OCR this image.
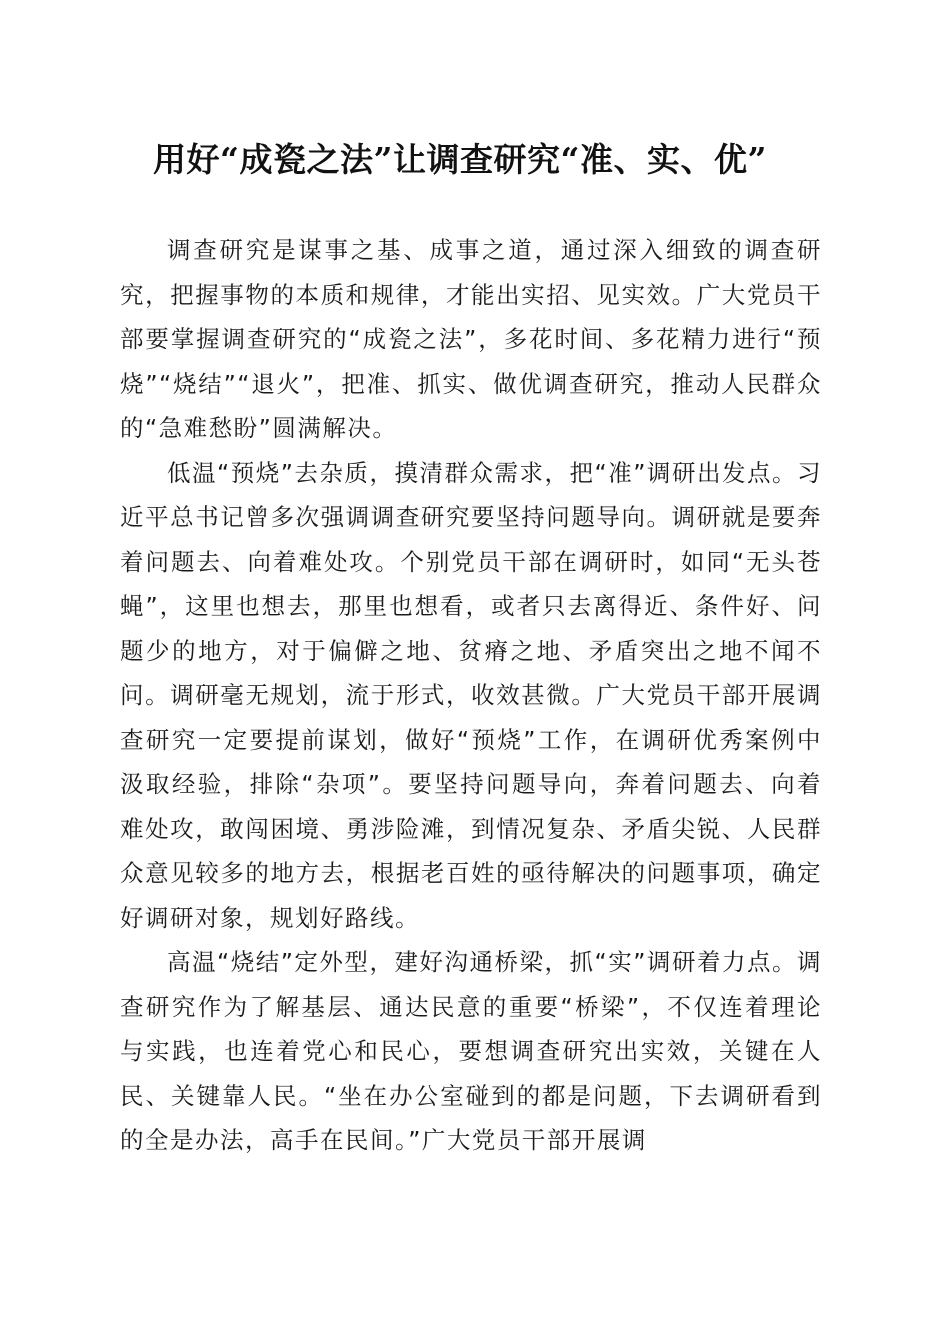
用好“成瓷之法”让调查研究“准、实、优”

调查研究是谋事之基、成事之道，通过深入细致的调查研究，把握事物的本质和规律，才能出实招、见实效。广大党员干部要掌握调查研究的“成瓷之法”，多花时间、多花精力进行“预烧”“烧结”“退火”，把准、抓实、做优调查研究，推动人民群众的“急难愁盼”圆满解决。

低温“预烧”去杂质，摸清群众需求，把“准”调研出发点。习近平总书记曾多次强调调查研究要坚持问题导向。调研就是要奔着问题去、向着难处攻。个别党员干部在调研时，如同“无头苍蝇”，这里也想去，那里也想看，或者只去离得近、条件好、问题少的地方，对于偏僻之地、贫瘠之地、矛盾突出之地不闻不问。调研毫无规划，流于形式，收效甚微。广大党员干部开展调查研究一定要提前谋划，做好“预烧”工作，在调研优秀案例中汲取经验，排除“杂项”。要坚持问题导向，奔着问题去、向着难处攻，敢闯困境、勇涉险滩，到情况复杂、矛盾尖锐、人民群众意见较多的地方去，根据老百姓的亟待解决的问题事项，确定好调研对象，规划好路线。

高温“烧结”定外型，建好沟通桥梁，抓“实”调研着力点。调查研究作为了解基层、通达民意的重要“桥梁”，不仅连着理论与实践，也连着党心和民心，要想调查研究出实效，关键在人民、关键靠人民。“坐在办公室碰到的都是问题，下去调研看到的全是办法，高手在民间。”广大党员干部开展调
